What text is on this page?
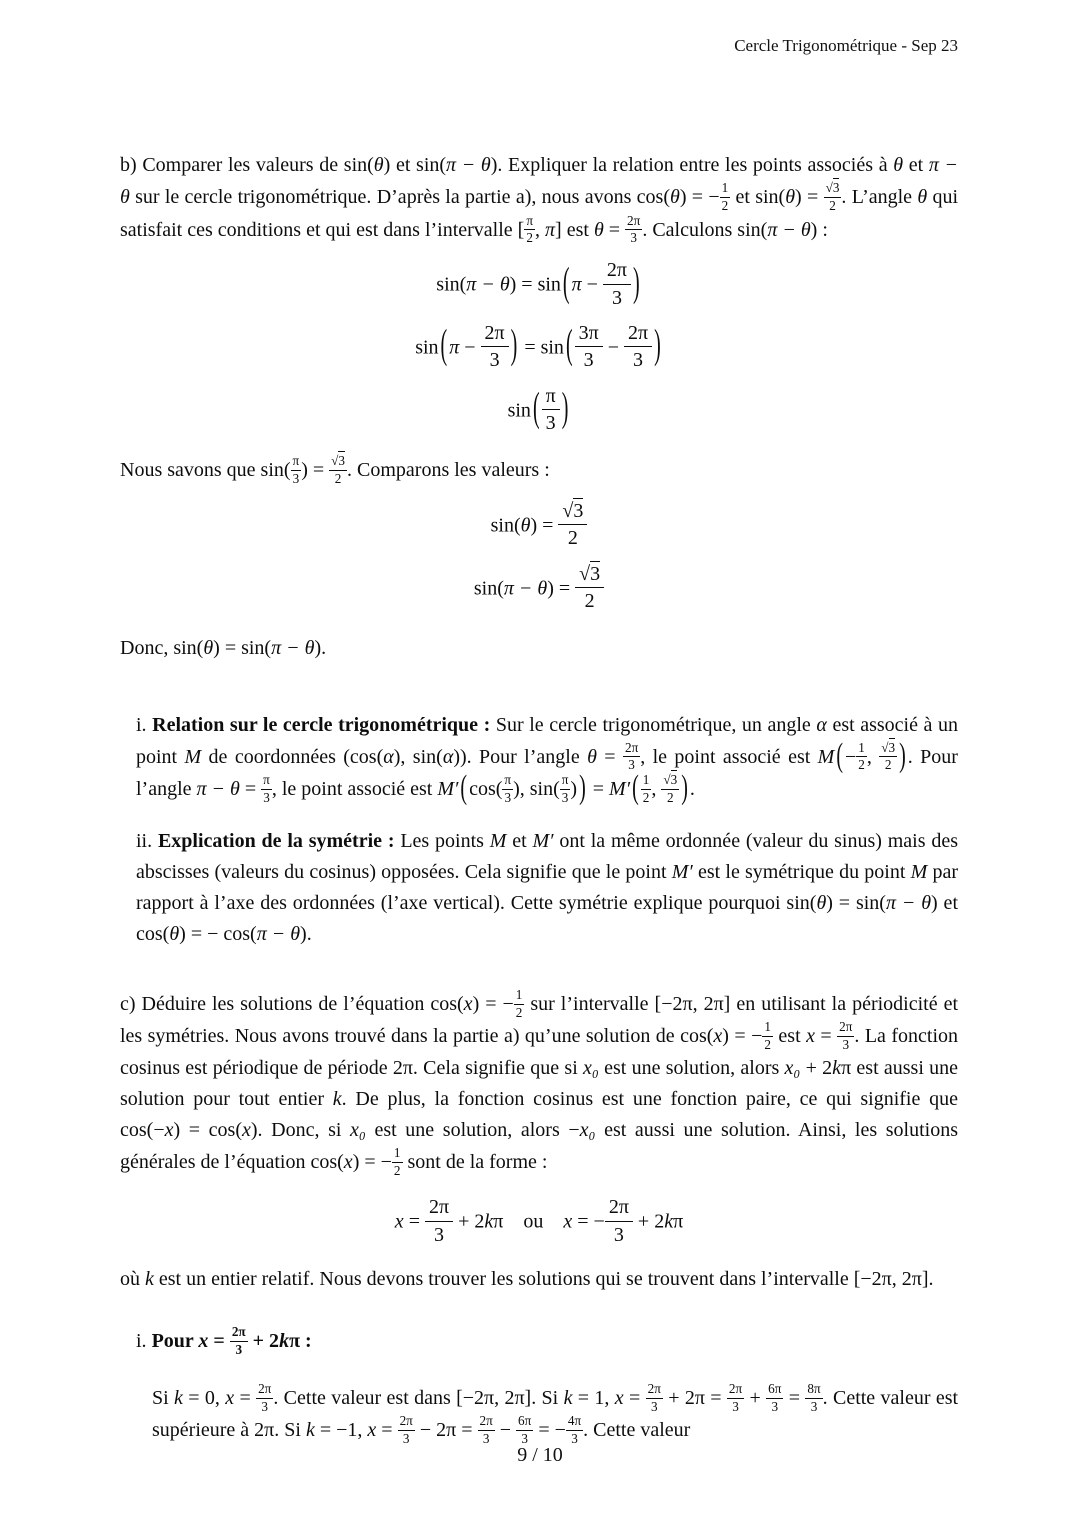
Cercle Trigonométrique - Sep 23
b) Comparer les valeurs de sin(θ) et sin(π − θ). Expliquer la relation entre les points associés à θ et π − θ sur le cercle trigonométrique. D’après la partie a), nous avons cos(θ) = − $\frac{1}{2}$ et $\sin(\theta) = \frac{√3}{2}$ . L’angle θ qui satisfait ces conditions et qui est dans l’intervalle [ $\frac{\pi}{2}$ , π] est $\theta = \frac{2\pi}{3}$ . Calculons sin(π − θ) :
sin(π − θ) = sin ( $\pi - \frac{2\pi}{3}$ )
sin ( $\pi - \frac{2\pi}{3}$ ) = sin ( $\frac{3\pi}{3} - \frac{2\pi}{3}$ )
sin ( $\frac{\pi}{3}$ )
Nous savons que $\sin( \frac{\pi}{3}$ ) = $\frac{√3}{2}$ . Comparons les valeurs :
$\sin(\theta) = \frac{√3}{2}$
$\sin(\pi - \theta) = \frac{√3}{2}$
Donc, sin(θ) = sin(π − θ).
i. Relation sur le cercle trigonométrique : Sur le cercle trigonométrique, un angle α est associé à un point M de coordonnées (cos(α), sin(α)). Pour l’angle $\theta = \frac{2\pi}{3}$ , le point associé est M ( − $\frac{1}{2}$ , $\frac{√3}{2}$ ) . Pour l’angle $\pi - \theta = \frac{\pi}{3}$ , le point associé est M′ ( $\cos( \frac{\pi}{3}$ ), $\sin( \frac{\pi}{3}$ ) ) = M′ ( $\frac{1}{2}$ , $\frac{√3}{2}$ ) .
ii. Explication de la symétrie : Les points M et M′ ont la même ordonnée (valeur du sinus) mais des abscisses (valeurs du cosinus) opposées. Cela signifie que le point M′ est le symétrique du point M par rapport à l’axe des ordonnées (l’axe vertical). Cette symétrie explique pourquoi sin(θ) = sin(π − θ) et cos(θ) = − cos(π − θ).
c) Déduire les solutions de l’équation cos(x) = − $\frac{1}{2}$ sur l’intervalle [−2π, 2π] en utilisant la périodicité et les symétries. Nous avons trouvé dans la partie a) qu’une solution de cos(x) = − $\frac{1}{2}$ est $x = \frac{2\pi}{3}$ . La fonction cosinus est périodique de période 2π. Cela signifie que si x₀ est une solution, alors x₀ + 2kπ est aussi une solution pour tout entier k. De plus, la fonction cosinus est une fonction paire, ce qui signifie que cos(−x) = cos(x). Donc, si x₀ est une solution, alors −x₀ est aussi une solution. Ainsi, les solutions générales de l’équation cos(x) = − $\frac{1}{2}$ sont de la forme :
$x = \frac{2\pi}{3} + 2k\pi$ ou x = − $\frac{2\pi}{3} + 2k\pi$
où k est un entier relatif. Nous devons trouver les solutions qui se trouvent dans l’intervalle [−2π, 2π].
i. Pour $x = \frac{2\pi}{3} + 2k\pi$ :
Si k = 0, $x = \frac{2\pi}{3}$ . Cette valeur est dans [−2π, 2π]. Si k = 1, $x = \frac{2\pi}{3} + 2\pi = \frac{2\pi}{3} + \frac{6\pi}{3} = \frac{8\pi}{3}$ . Cette valeur est supérieure à 2π. Si k = −1, $x = \frac{2\pi}{3} - 2\pi = \frac{2\pi}{3} - \frac{6\pi}{3}$ = − $\frac{4\pi}{3}$ . Cette valeur
9 / 10
